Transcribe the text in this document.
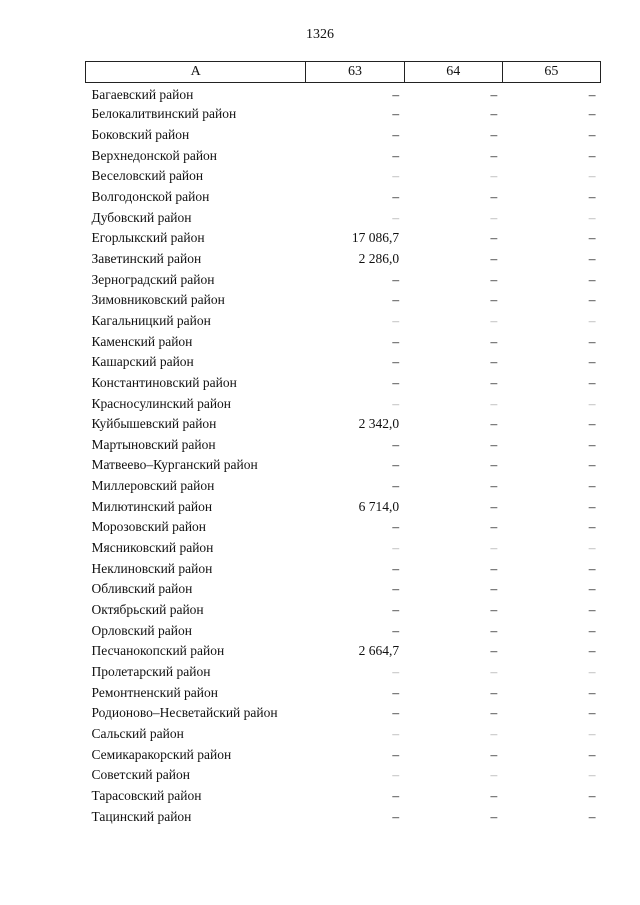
1326
А	63	64	65
Багаевский район	–	–	–
Белокалитвинский район	–	–	–
Боковский район	–	–	–
Верхнедонской район	–	–	–
Веселовский район	–	–	–
Волгодонской район	–	–	–
Дубовский район	–	–	–
Егорлыкский район	17 086,7	–	–
Заветинский район	2 286,0	–	–
Зерноградский район	–	–	–
Зимовниковский район	–	–	–
Кагальницкий район	–	–	–
Каменский район	–	–	–
Кашарский район	–	–	–
Константиновский район	–	–	–
Красносулинский район	–	–	–
Куйбышевский район	2 342,0	–	–
Мартыновский район	–	–	–
Матвеево–Курганский район	–	–	–
Миллеровский район	–	–	–
Милютинский район	6 714,0	–	–
Морозовский район	–	–	–
Мясниковский район	–	–	–
Неклиновский район	–	–	–
Обливский район	–	–	–
Октябрьский район	–	–	–
Орловский район	–	–	–
Песчанокопский район	2 664,7	–	–
Пролетарский район	–	–	–
Ремонтненский район	–	–	–
Родионово–Несветайский район	–	–	–
Сальский район	–	–	–
Семикаракорский район	–	–	–
Советский район	–	–	–
Тарасовский район	–	–	–
Тацинский район	–	–	–
